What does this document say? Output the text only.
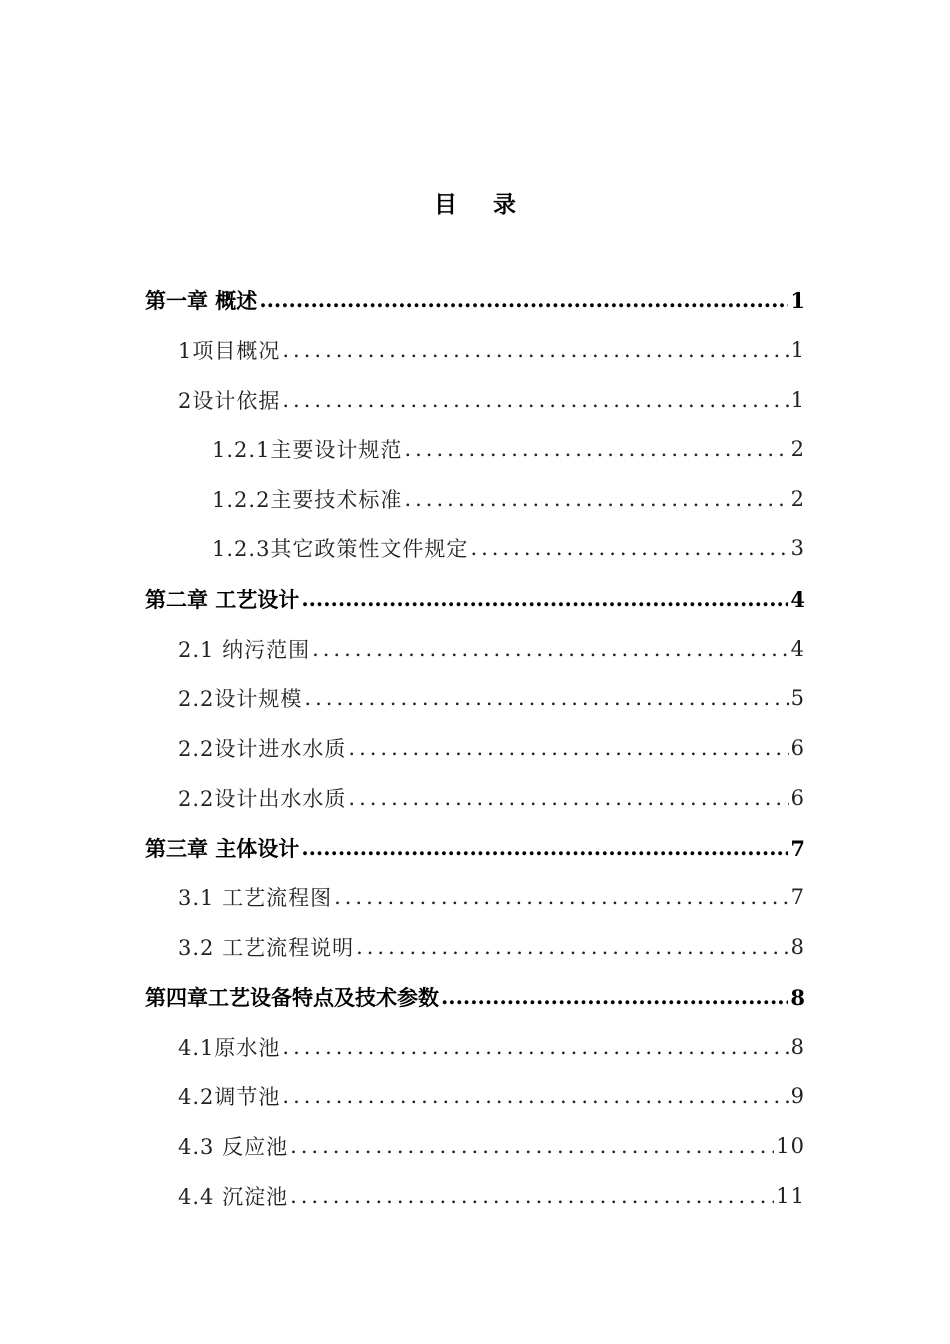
目 录
第一章 概述 .....	1
1项目概况 .....	1
2设计依据 .....	1
1.2.1主要设计规范 .....	2
1.2.2主要技术标准 .....	2
1.2.3其它政策性文件规定 .....	3
第二章 工艺设计 .....	4
2.1 纳污范围 .....	4
2.2设计规模 .....	5
2.2设计进水水质 .....	6
2.2设计出水水质 .....	6
第三章 主体设计 .....	7
3.1 工艺流程图 .....	7
3.2 工艺流程说明 .....	8
第四章工艺设备特点及技术参数 .....	8
4.1原水池 .....	8
4.2调节池 .....	9
4.3 反应池 .....	10
4.4 沉淀池 .....	11
